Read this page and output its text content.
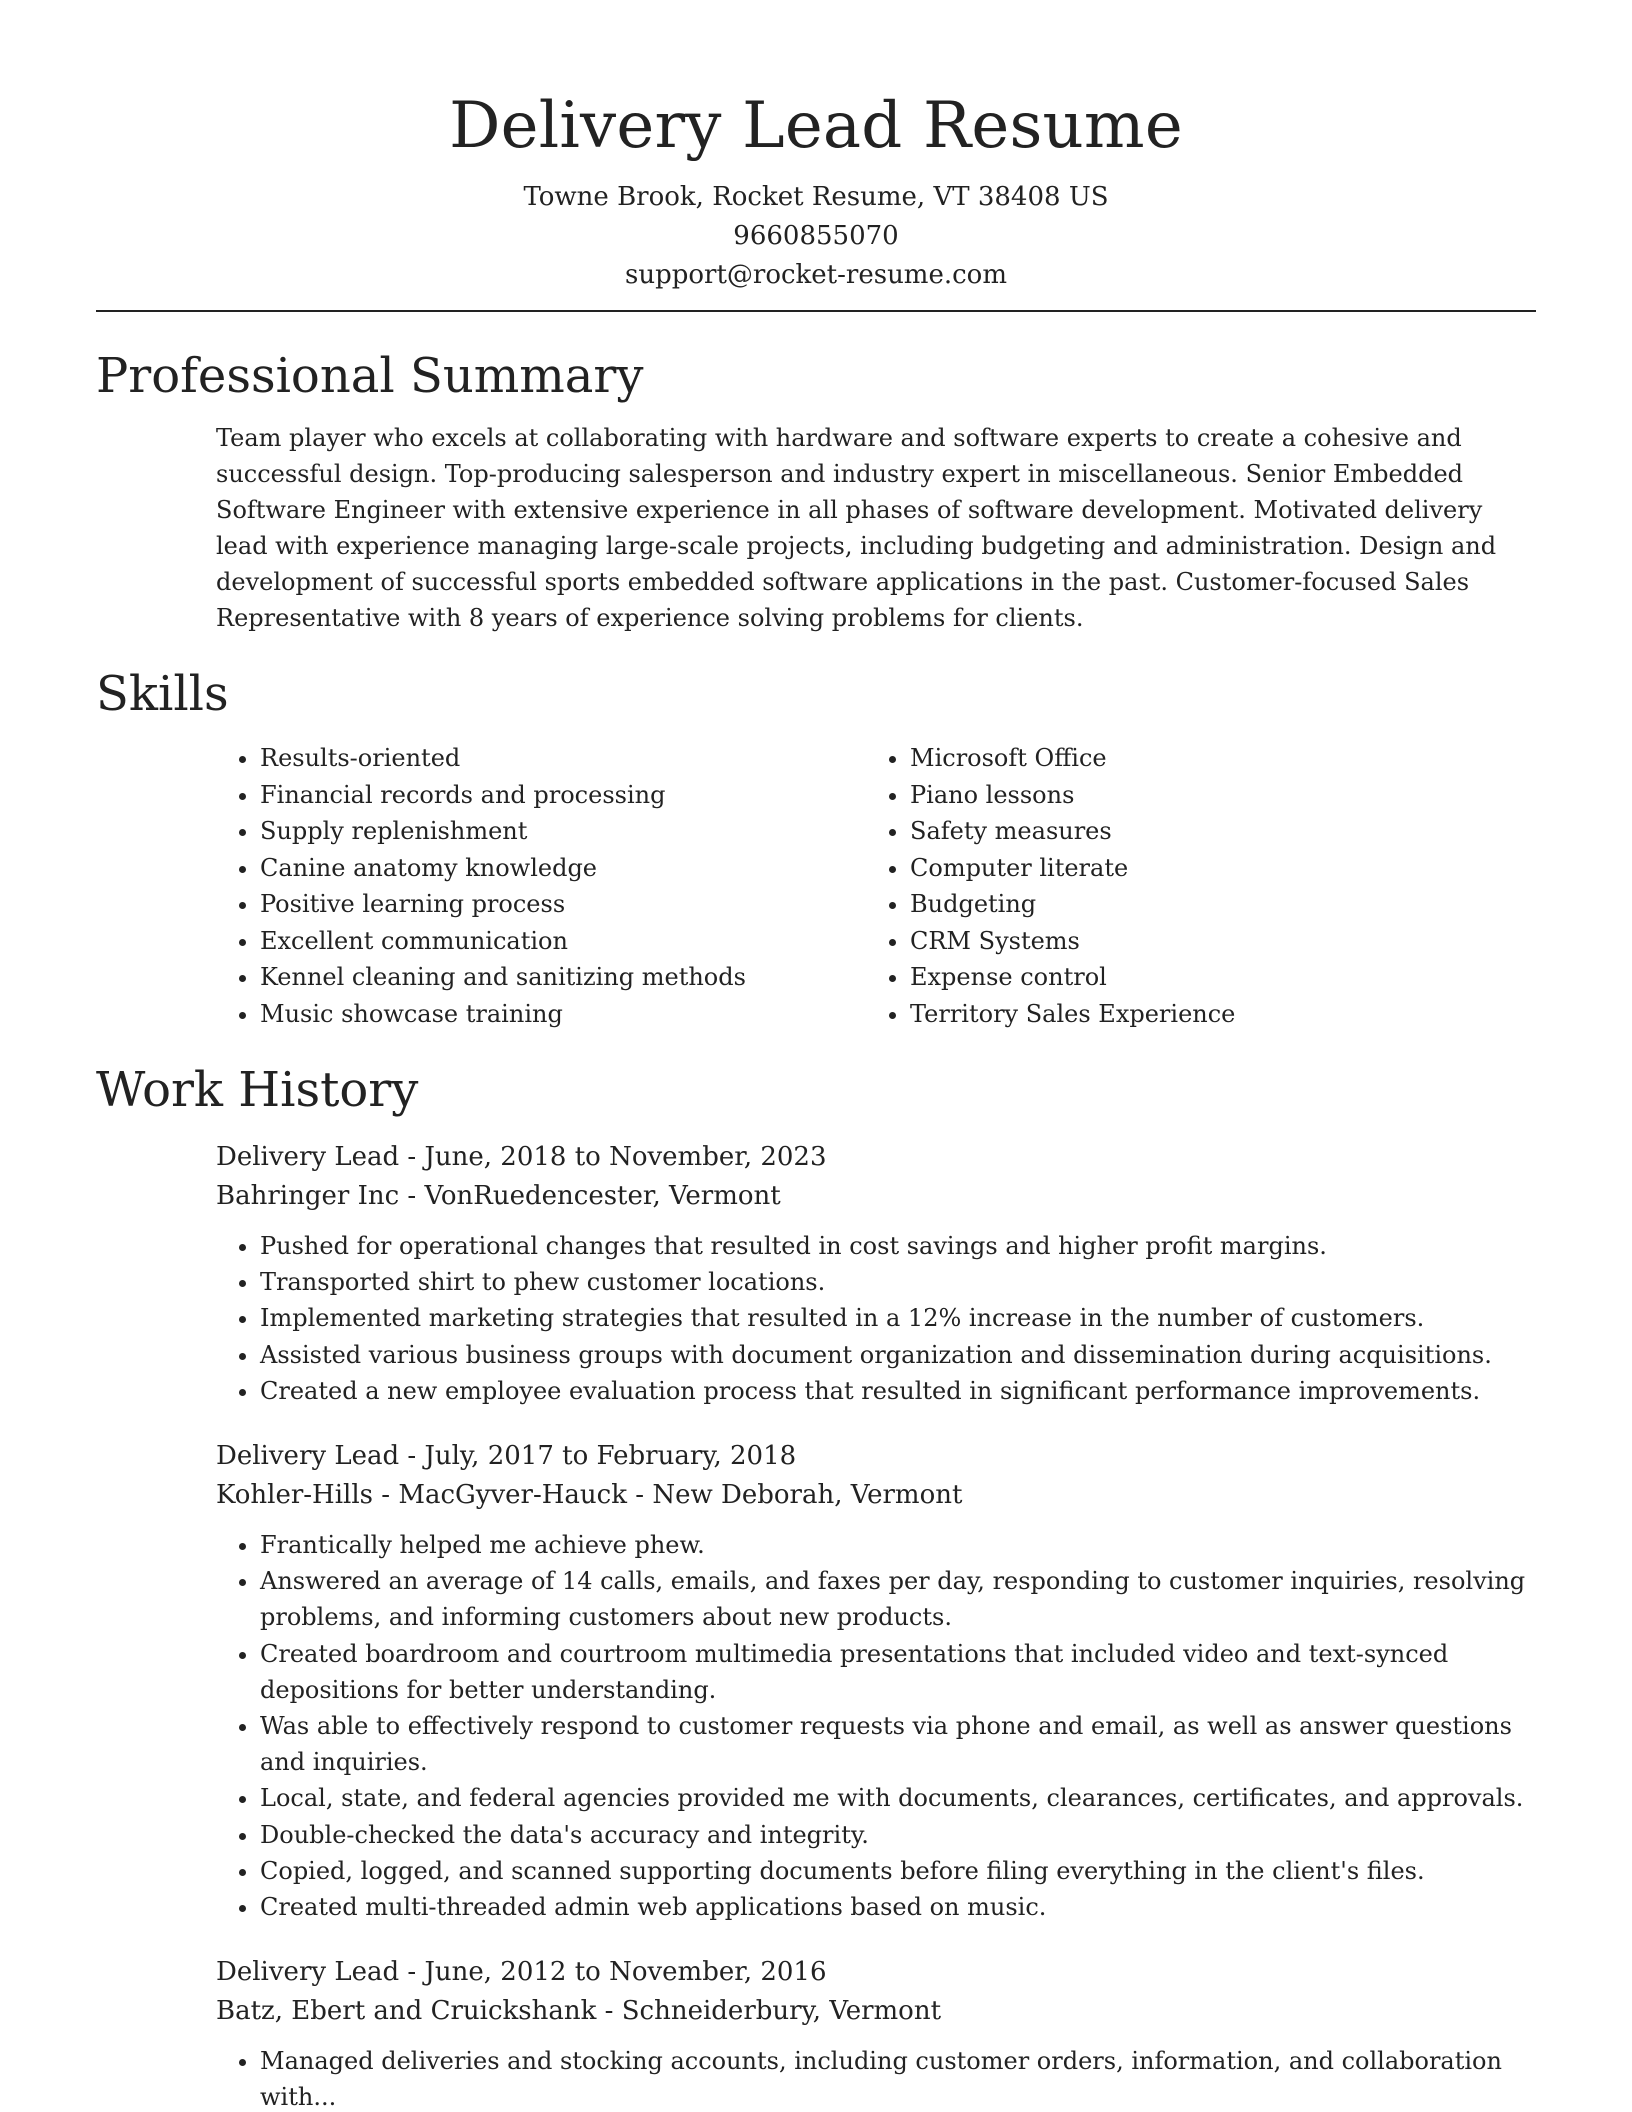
Delivery Lead Resume
Towne Brook, Rocket Resume, VT 38408 US
9660855070
support@rocket-resume.com
Professional Summary

Team player who excels at collaborating with hardware and software experts to create a cohesive and successful design. Top-producing salesperson and industry expert in miscellaneous. Senior Embedded Software Engineer with extensive experience in all phases of software development. Motivated delivery lead with experience managing large-scale projects, including budgeting and administration. Design and development of successful sports embedded software applications in the past. Customer-focused Sales Representative with 8 years of experience solving problems for clients.

Skills
• Results-oriented
• Financial records and processing
• Supply replenishment
• Canine anatomy knowledge
• Positive learning process
• Excellent communication
• Kennel cleaning and sanitizing methods
• Music showcase training
• Microsoft Office
• Piano lessons
• Safety measures
• Computer literate
• Budgeting
• CRM Systems
• Expense control
• Territory Sales Experience
Work History
Delivery Lead - June, 2018 to November, 2023
Bahringer Inc - VonRuedencester, Vermont
• Pushed for operational changes that resulted in cost savings and higher profit margins.
• Transported shirt to phew customer locations.
• Implemented marketing strategies that resulted in a 12% increase in the number of customers.
• Assisted various business groups with document organization and dissemination during acquisitions.
• Created a new employee evaluation process that resulted in significant performance improvements.
Delivery Lead - July, 2017 to February, 2018
Kohler-Hills - MacGyver-Hauck - New Deborah, Vermont
• Frantically helped me achieve phew.
• Answered an average of 14 calls, emails, and faxes per day, responding to customer inquiries, resolving problems, and informing customers about new products.
• Created boardroom and courtroom multimedia presentations that included video and text-synced depositions for better understanding.
• Was able to effectively respond to customer requests via phone and email, as well as answer questions and inquiries.
• Local, state, and federal agencies provided me with documents, clearances, certificates, and approvals.
• Double-checked the data's accuracy and integrity.
• Copied, logged, and scanned supporting documents before filing everything in the client's files.
• Created multi-threaded admin web applications based on music.
Delivery Lead - June, 2012 to November, 2016
Batz, Ebert and Cruickshank - Schneiderbury, Vermont
• Managed deliveries and stocking accounts, including customer orders, information, and collaboration with...
